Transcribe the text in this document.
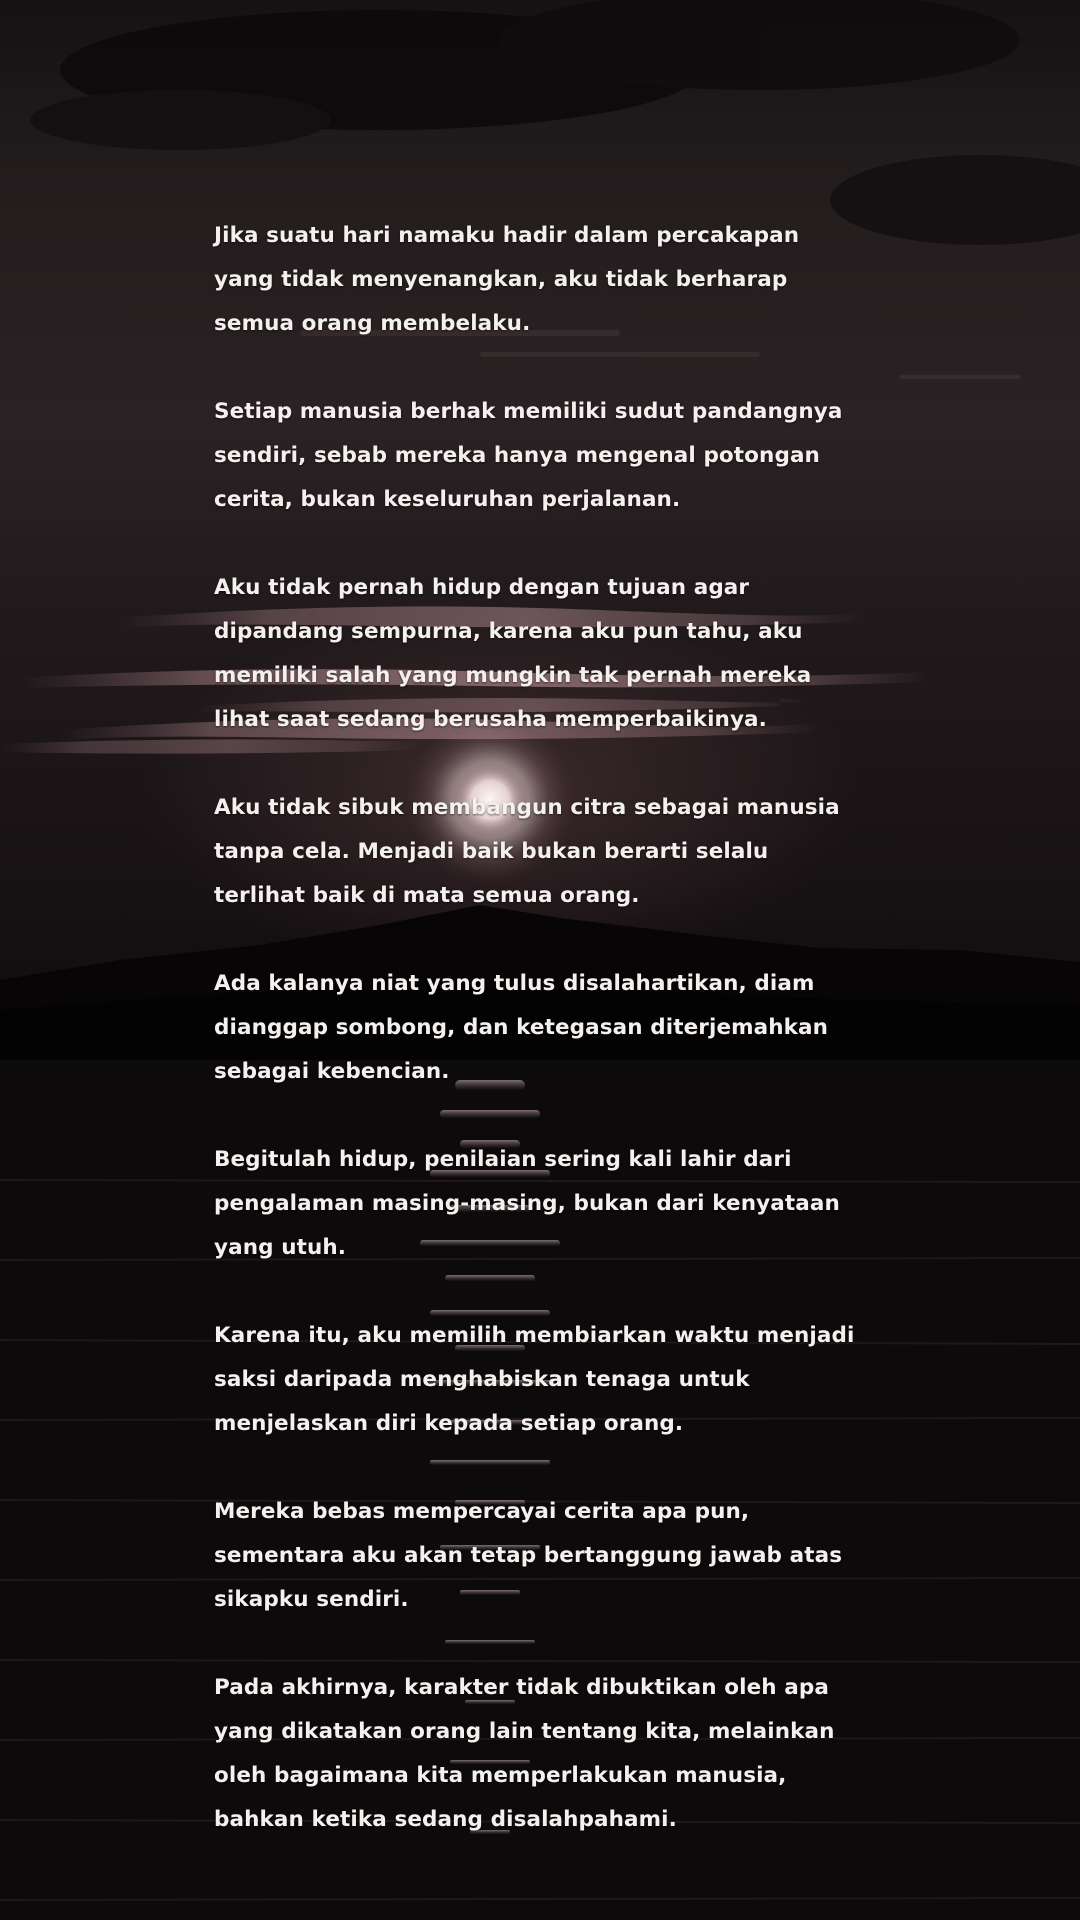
Jika suatu hari namaku hadir dalam percakapan yang tidak menyenangkan, aku tidak berharap semua orang membelaku.

Setiap manusia berhak memiliki sudut pandangnya sendiri, sebab mereka hanya mengenal potongan cerita, bukan keseluruhan perjalanan.

Aku tidak pernah hidup dengan tujuan agar dipandang sempurna, karena aku pun tahu, aku memiliki salah yang mungkin tak pernah mereka lihat saat sedang berusaha memperbaikinya.

Aku tidak sibuk membangun citra sebagai manusia tanpa cela. Menjadi baik bukan berarti selalu terlihat baik di mata semua orang.

Ada kalanya niat yang tulus disalahartikan, diam dianggap sombong, dan ketegasan diterjemahkan sebagai kebencian.

Begitulah hidup, penilaian sering kali lahir dari pengalaman masing-masing, bukan dari kenyataan yang utuh.

Karena itu, aku memilih membiarkan waktu menjadi saksi daripada menghabiskan tenaga untuk menjelaskan diri kepada setiap orang.

Mereka bebas mempercayai cerita apa pun, sementara aku akan tetap bertanggung jawab atas sikapku sendiri.

Pada akhirnya, karakter tidak dibuktikan oleh apa yang dikatakan orang lain tentang kita, melainkan oleh bagaimana kita memperlakukan manusia, bahkan ketika sedang disalahpahami.
